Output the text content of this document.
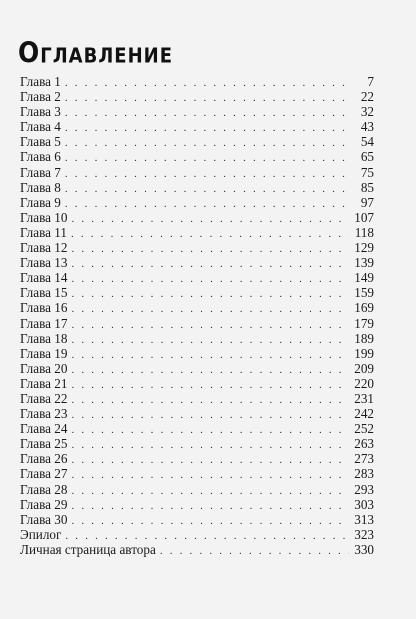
Оглавление
Глава 1 . . .	7
Глава 2 . . .	22
Глава 3 . . .	32
Глава 4 . . .	43
Глава 5 . . .	54
Глава 6 . . .	65
Глава 7 . . .	75
Глава 8 . . .	85
Глава 9 . . .	97
Глава 10 . . .	107
Глава 11 . . .	118
Глава 12 . . .	129
Глава 13 . . .	139
Глава 14 . . .	149
Глава 15 . . .	159
Глава 16 . . .	169
Глава 17 . . .	179
Глава 18 . . .	189
Глава 19 . . .	199
Глава 20 . . .	209
Глава 21 . . .	220
Глава 22 . . .	231
Глава 23 . . .	242
Глава 24 . . .	252
Глава 25 . . .	263
Глава 26 . . .	273
Глава 27 . . .	283
Глава 28 . . .	293
Глава 29 . . .	303
Глава 30 . . .	313
Эпилог . . .	323
Личная страница автора . . .	330
